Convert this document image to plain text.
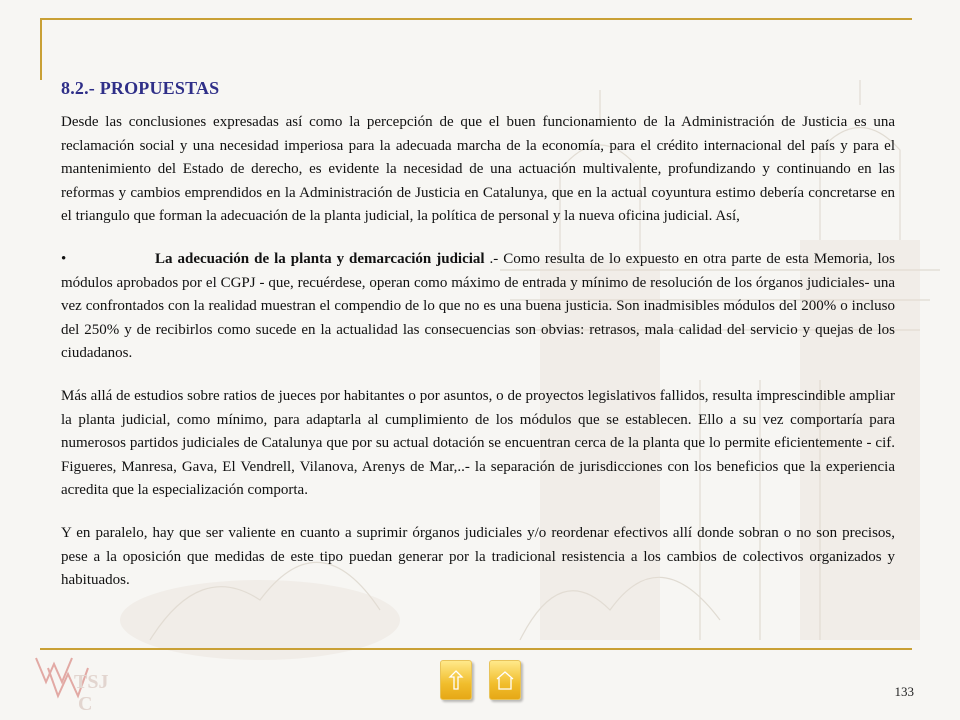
8.2.- PROPUESTAS

Desde las conclusiones expresadas así como la percepción de que el buen funcionamiento de la Administración de Justicia es una reclamación social y una necesidad imperiosa para la adecuada marcha de la economía, para el crédito internacional del país y para el mantenimiento del Estado de derecho, es evidente la necesidad de una actuación multivalente, profundizando y continuando en las reformas y cambios emprendidos en la Administración de Justicia en Catalunya, que en la actual coyuntura estimo debería concretarse en el triangulo que forman la adecuación de la planta judicial, la política de personal y la nueva oficina judicial. Así,

•	La adecuación de la planta y demarcación judicial .- Como resulta de lo expuesto en otra parte de esta Memoria, los módulos aprobados por el CGPJ - que, recuérdese, operan como máximo de entrada y mínimo de resolución de los órganos judiciales- una vez confrontados con la realidad muestran el compendio de lo que no es una buena justicia. Son inadmisibles módulos del 200% o incluso del 250% y de recibirlos como sucede en la actualidad las consecuencias son obvias: retrasos, mala calidad del servicio y quejas de los ciudadanos.

Más allá de estudios sobre ratios de jueces por habitantes o por asuntos, o de proyectos legislativos fallidos, resulta imprescindible ampliar la planta judicial, como mínimo, para adaptarla al cumplimiento de los módulos que se establecen. Ello a su vez comportaría para numerosos partidos judiciales de Catalunya que por su actual dotación se encuentran cerca de la planta que lo permite eficientemente - cif. Figueres, Manresa, Gava, El Vendrell, Vilanova, Arenys de Mar,..- la separación de jurisdicciones con los beneficios que la experiencia acredita que la especialización comporta.

Y en paralelo, hay que ser valiente en cuanto a suprimir órganos judiciales y/o reordenar efectivos allí donde sobran o no son precisos, pese a la oposición que medidas de este tipo puedan generar por la tradicional resistencia a los cambios de colectivos organizados y habituados.

TSJ
C
133
